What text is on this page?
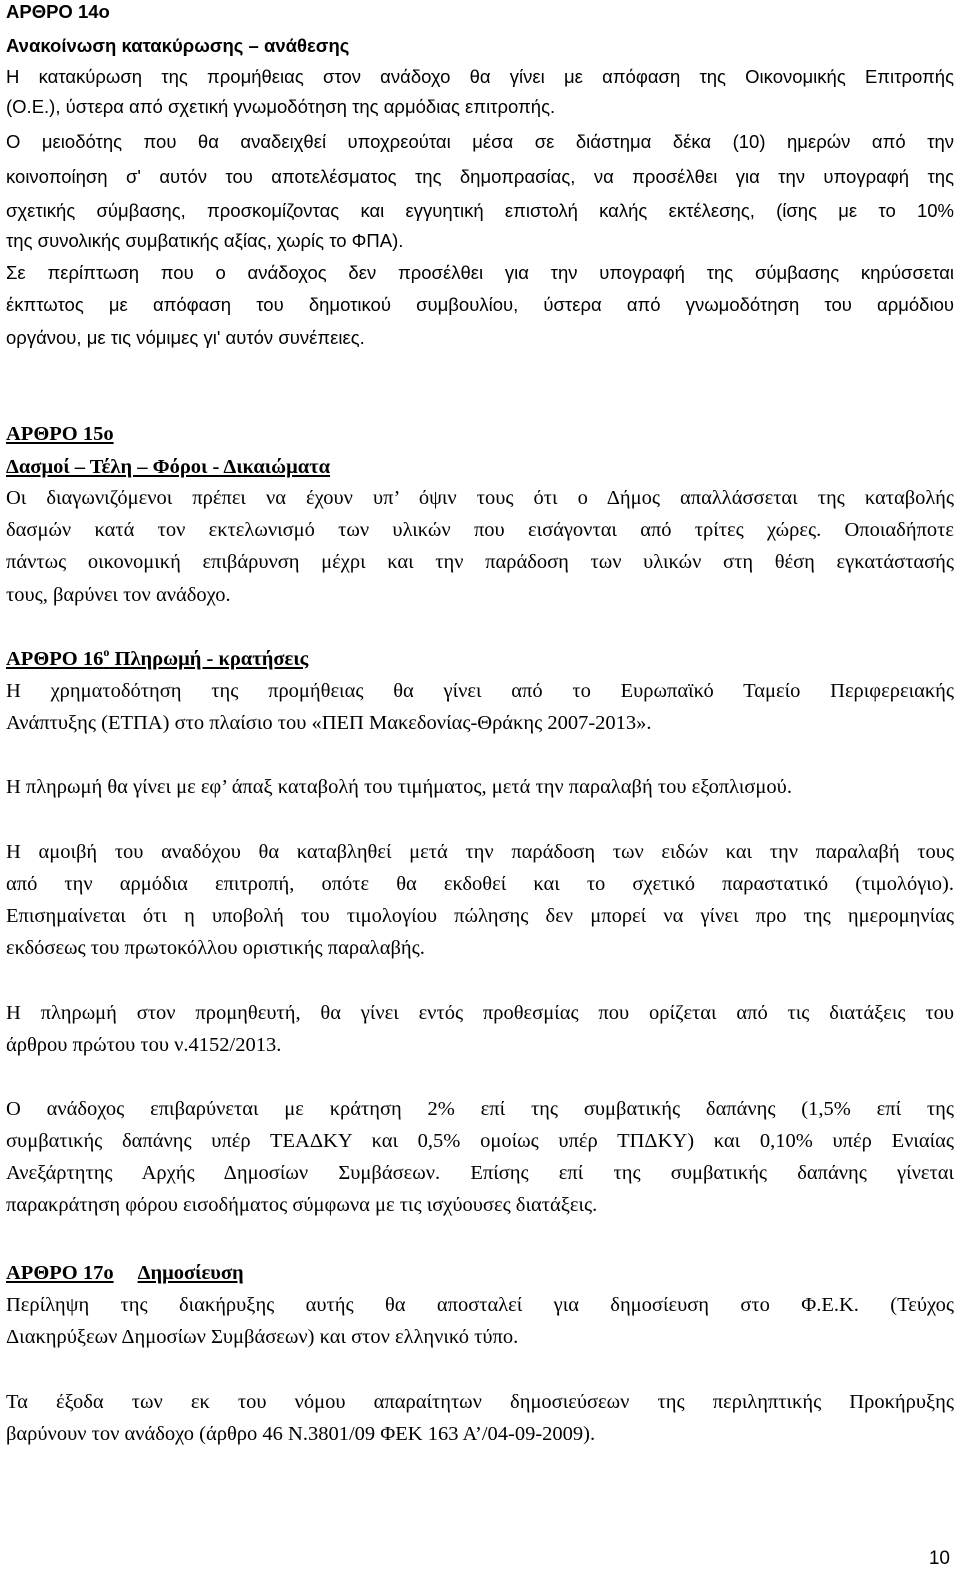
ΑΡΘΡΟ 14ο
Ανακοίνωση κατακύρωσης – ανάθεσης
Η κατακύρωση της προμήθειας στον ανάδοχο θα γίνει με απόφαση της Οικονομικής Επιτροπής
(Ο.Ε.), ύστερα από σχετική γνωμοδότηση της αρμόδιας επιτροπής.
Ο μειοδότης που θα αναδειχθεί υποχρεούται μέσα σε διάστημα δέκα (10) ημερών από την
κοινοποίηση σ' αυτόν του αποτελέσματος της δημοπρασίας, να προσέλθει για την υπογραφή της
σχετικής σύμβασης, προσκομίζοντας και εγγυητική επιστολή καλής εκτέλεσης, (ίσης με το 10%
της συνολικής συμβατικής αξίας, χωρίς το ΦΠΑ).
Σε περίπτωση που ο ανάδοχος δεν προσέλθει για την υπογραφή της σύμβασης κηρύσσεται
έκπτωτος με απόφαση του δημοτικού συμβουλίου, ύστερα από γνωμοδότηση του αρμόδιου
οργάνου, με τις νόμιμες γι' αυτόν συνέπειες.
ΑΡΘΡΟ 15ο
Δασμοί – Τέλη – Φόροι - Δικαιώματα
Οι διαγωνιζόμενοι πρέπει να έχουν υπ’ όψιν τους ότι ο Δήμος απαλλάσσεται της καταβολής
δασμών κατά τον εκτελωνισμό των υλικών που εισάγονται από τρίτες χώρες. Οποιαδήποτε
πάντως οικονομική επιβάρυνση μέχρι και την παράδοση των υλικών στη θέση εγκατάστασής
τους, βαρύνει τον ανάδοχο.
ΑΡΘΡΟ $16^o$ Πληρωμή - κρατήσεις
Η χρηματοδότηση της προμήθειας θα γίνει από το Ευρωπαϊκό Ταμείο Περιφερειακής
Ανάπτυξης (ΕΤΠΑ) στο πλαίσιο του «ΠΕΠ Μακεδονίας-Θράκης 2007-2013».
Η πληρωμή θα γίνει με εφ’ άπαξ καταβολή του τιμήματος, μετά την παραλαβή του εξοπλισμού.
Η αμοιβή του αναδόχου θα καταβληθεί μετά την παράδοση των ειδών και την παραλαβή τους
από την αρμόδια επιτροπή, οπότε θα εκδοθεί και το σχετικό παραστατικό (τιμολόγιο).
Επισημαίνεται ότι η υποβολή του τιμολογίου πώλησης δεν μπορεί να γίνει προ της ημερομηνίας
εκδόσεως του πρωτοκόλλου οριστικής παραλαβής.
Η πληρωμή στον προμηθευτή, θα γίνει εντός προθεσμίας που ορίζεται από τις διατάξεις του
άρθρου πρώτου του ν.4152/2013.
Ο ανάδοχος επιβαρύνεται με κράτηση 2% επί της συμβατικής δαπάνης (1,5% επί της
συμβατικής δαπάνης υπέρ ΤΕΑΔΚΥ και 0,5% ομοίως υπέρ ΤΠΔΚΥ) και 0,10% υπέρ Ενιαίας
Ανεξάρτητης Αρχής Δημοσίων Συμβάσεων. Επίσης επί της συμβατικής δαπάνης γίνεται
παρακράτηση φόρου εισοδήματος σύμφωνα με τις ισχύουσες διατάξεις.
ΑΡΘΡΟ 17ο Δημοσίευση
Περίληψη της διακήρυξης αυτής θα αποσταλεί για δημοσίευση στο Φ.Ε.Κ. (Τεύχος
Διακηρύξεων Δημοσίων Συμβάσεων) και στον ελληνικό τύπο.
Τα έξοδα των εκ του νόμου απαραίτητων δημοσιεύσεων της περιληπτικής Προκήρυξης
βαρύνουν τον ανάδοχο (άρθρο 46 Ν.3801/09 ΦΕΚ 163 Α’/04-09-2009).
10
